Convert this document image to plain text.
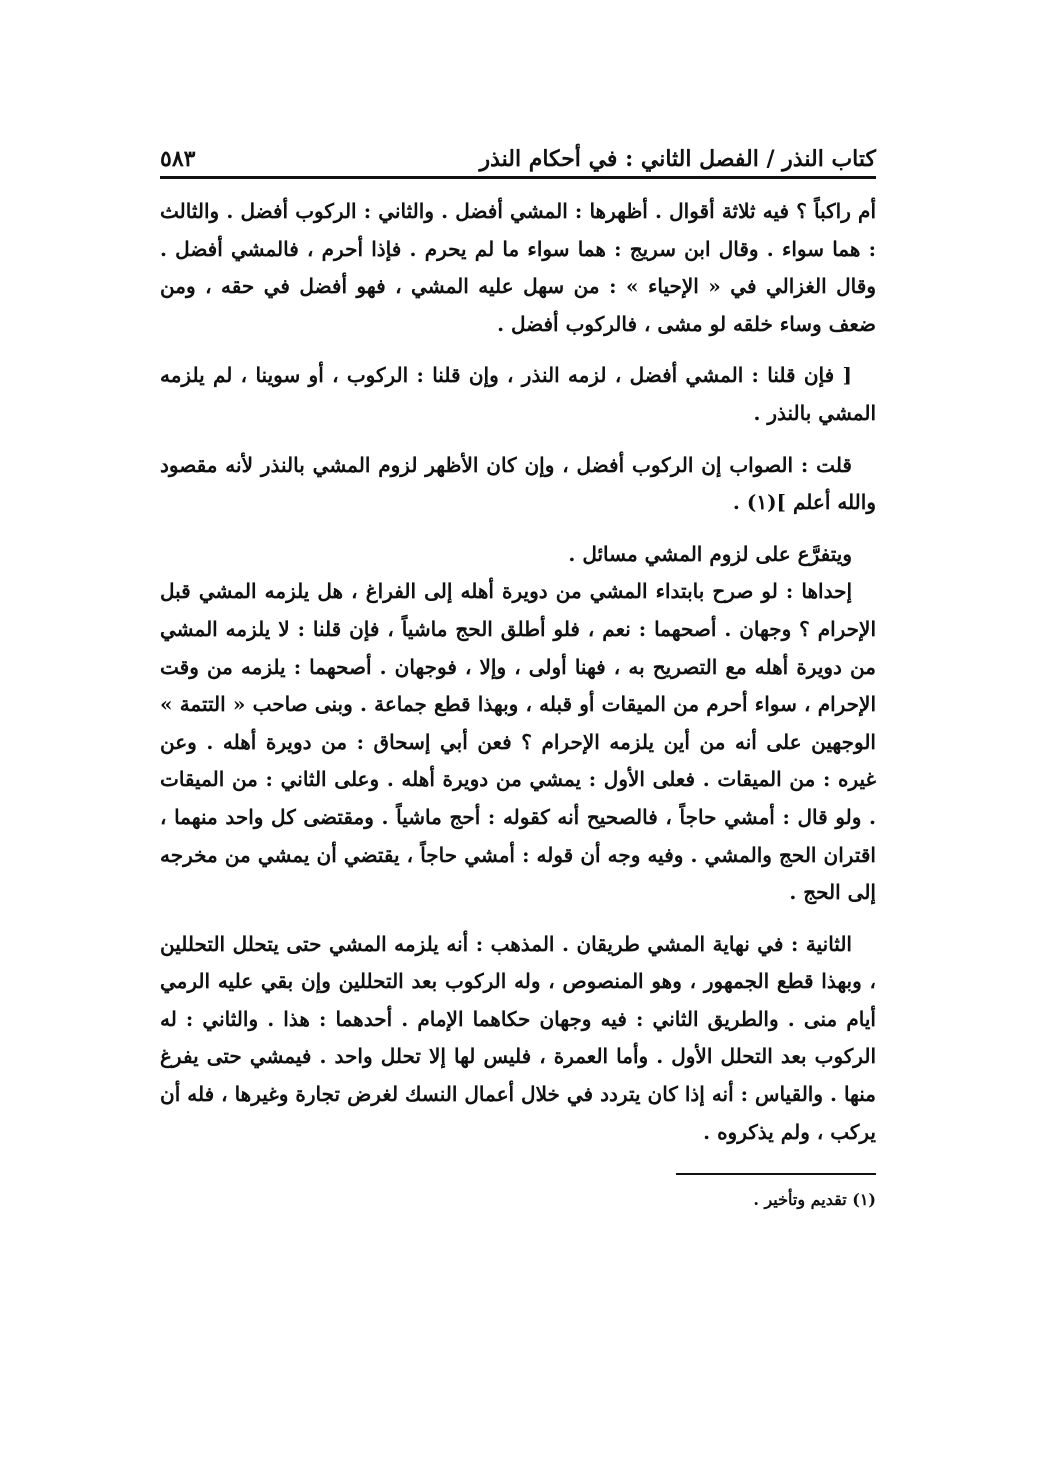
كتاب النذر / الفصل الثاني : في أحكام النذر
٥٨٣

أم راكباً ؟ فيه ثلاثة أقوال . أظهرها : المشي أفضل . والثاني : الركوب أفضل . والثالث : هما سواء . وقال ابن سريج : هما سواء ما لم يحرم . فإذا أحرم ، فالمشي أفضل . وقال الغزالي في « الإحياء » : من سهل عليه المشي ، فهو أفضل في حقه ، ومن ضعف وساء خلقه لو مشى ، فالركوب أفضل .

[ فإن قلنا : المشي أفضل ، لزمه النذر ، وإن قلنا : الركوب ، أو سوينا ، لم يلزمه المشي بالنذر .

قلت : الصواب إن الركوب أفضل ، وإن كان الأظهر لزوم المشي بالنذر لأنه مقصود والله أعلم ](١) .

ويتفرَّع على لزوم المشي مسائل .

إحداها : لو صرح بابتداء المشي من دويرة أهله إلى الفراغ ، هل يلزمه المشي قبل الإحرام ؟ وجهان . أصحهما : نعم ، فلو أطلق الحج ماشياً ، فإن قلنا : لا يلزمه المشي من دويرة أهله مع التصريح به ، فهنا أولى ، وإلا ، فوجهان . أصحهما : يلزمه من وقت الإحرام ، سواء أحرم من الميقات أو قبله ، وبهذا قطع جماعة . وبنى صاحب « التتمة » الوجهين على أنه من أين يلزمه الإحرام ؟ فعن أبي إسحاق : من دويرة أهله . وعن غيره : من الميقات . فعلى الأول : يمشي من دويرة أهله . وعلى الثاني : من الميقات . ولو قال : أمشي حاجاً ، فالصحيح أنه كقوله : أحج ماشياً . ومقتضى كل واحد منهما ، اقتران الحج والمشي . وفيه وجه أن قوله : أمشي حاجاً ، يقتضي أن يمشي من مخرجه إلى الحج .

الثانية : في نهاية المشي طريقان . المذهب : أنه يلزمه المشي حتى يتحلل التحللين ، وبهذا قطع الجمهور ، وهو المنصوص ، وله الركوب بعد التحللين وإن بقي عليه الرمي أيام منى . والطريق الثاني : فيه وجهان حكاهما الإمام . أحدهما : هذا . والثاني : له الركوب بعد التحلل الأول . وأما العمرة ، فليس لها إلا تحلل واحد . فيمشي حتى يفرغ منها . والقياس : أنه إذا كان يتردد في خلال أعمال النسك لغرض تجارة وغيرها ، فله أن يركب ، ولم يذكروه .

(١) تقديم وتأخير .
